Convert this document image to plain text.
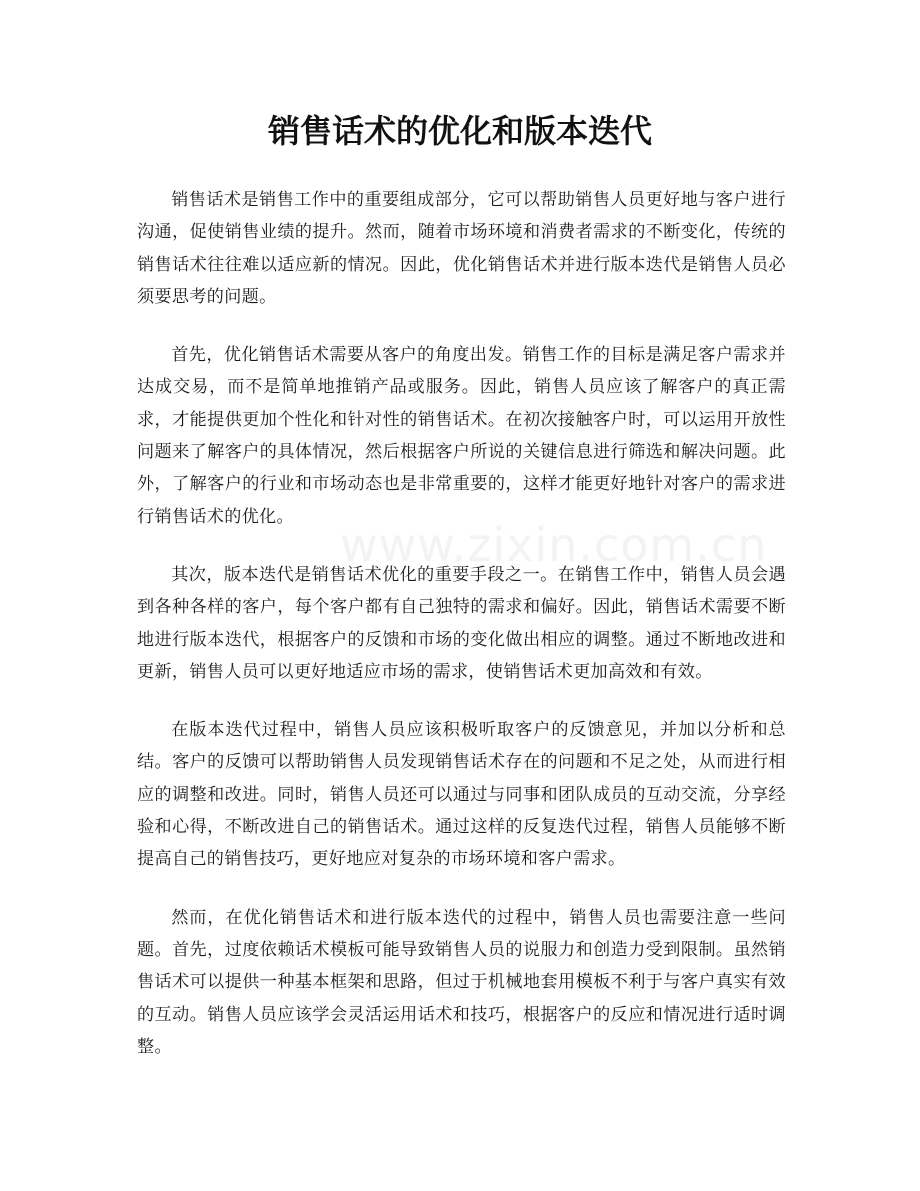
销售话术的优化和版本迭代
www.zixin.com.cn

销售话术是销售工作中的重要组成部分，它可以帮助销售人员更好地与客户进行沟通，促使销售业绩的提升。然而，随着市场环境和消费者需求的不断变化，传统的销售话术往往难以适应新的情况。因此，优化销售话术并进行版本迭代是销售人员必须要思考的问题。

首先，优化销售话术需要从客户的角度出发。销售工作的目标是满足客户需求并达成交易，而不是简单地推销产品或服务。因此，销售人员应该了解客户的真正需求，才能提供更加个性化和针对性的销售话术。在初次接触客户时，可以运用开放性问题来了解客户的具体情况，然后根据客户所说的关键信息进行筛选和解决问题。此外，了解客户的行业和市场动态也是非常重要的，这样才能更好地针对客户的需求进行销售话术的优化。

其次，版本迭代是销售话术优化的重要手段之一。在销售工作中，销售人员会遇到各种各样的客户，每个客户都有自己独特的需求和偏好。因此，销售话术需要不断地进行版本迭代，根据客户的反馈和市场的变化做出相应的调整。通过不断地改进和更新，销售人员可以更好地适应市场的需求，使销售话术更加高效和有效。

在版本迭代过程中，销售人员应该积极听取客户的反馈意见，并加以分析和总结。客户的反馈可以帮助销售人员发现销售话术存在的问题和不足之处，从而进行相应的调整和改进。同时，销售人员还可以通过与同事和团队成员的互动交流，分享经验和心得，不断改进自己的销售话术。通过这样的反复迭代过程，销售人员能够不断提高自己的销售技巧，更好地应对复杂的市场环境和客户需求。

然而，在优化销售话术和进行版本迭代的过程中，销售人员也需要注意一些问题。首先，过度依赖话术模板可能导致销售人员的说服力和创造力受到限制。虽然销售话术可以提供一种基本框架和思路，但过于机械地套用模板不利于与客户真实有效的互动。销售人员应该学会灵活运用话术和技巧，根据客户的反应和情况进行适时调整。
